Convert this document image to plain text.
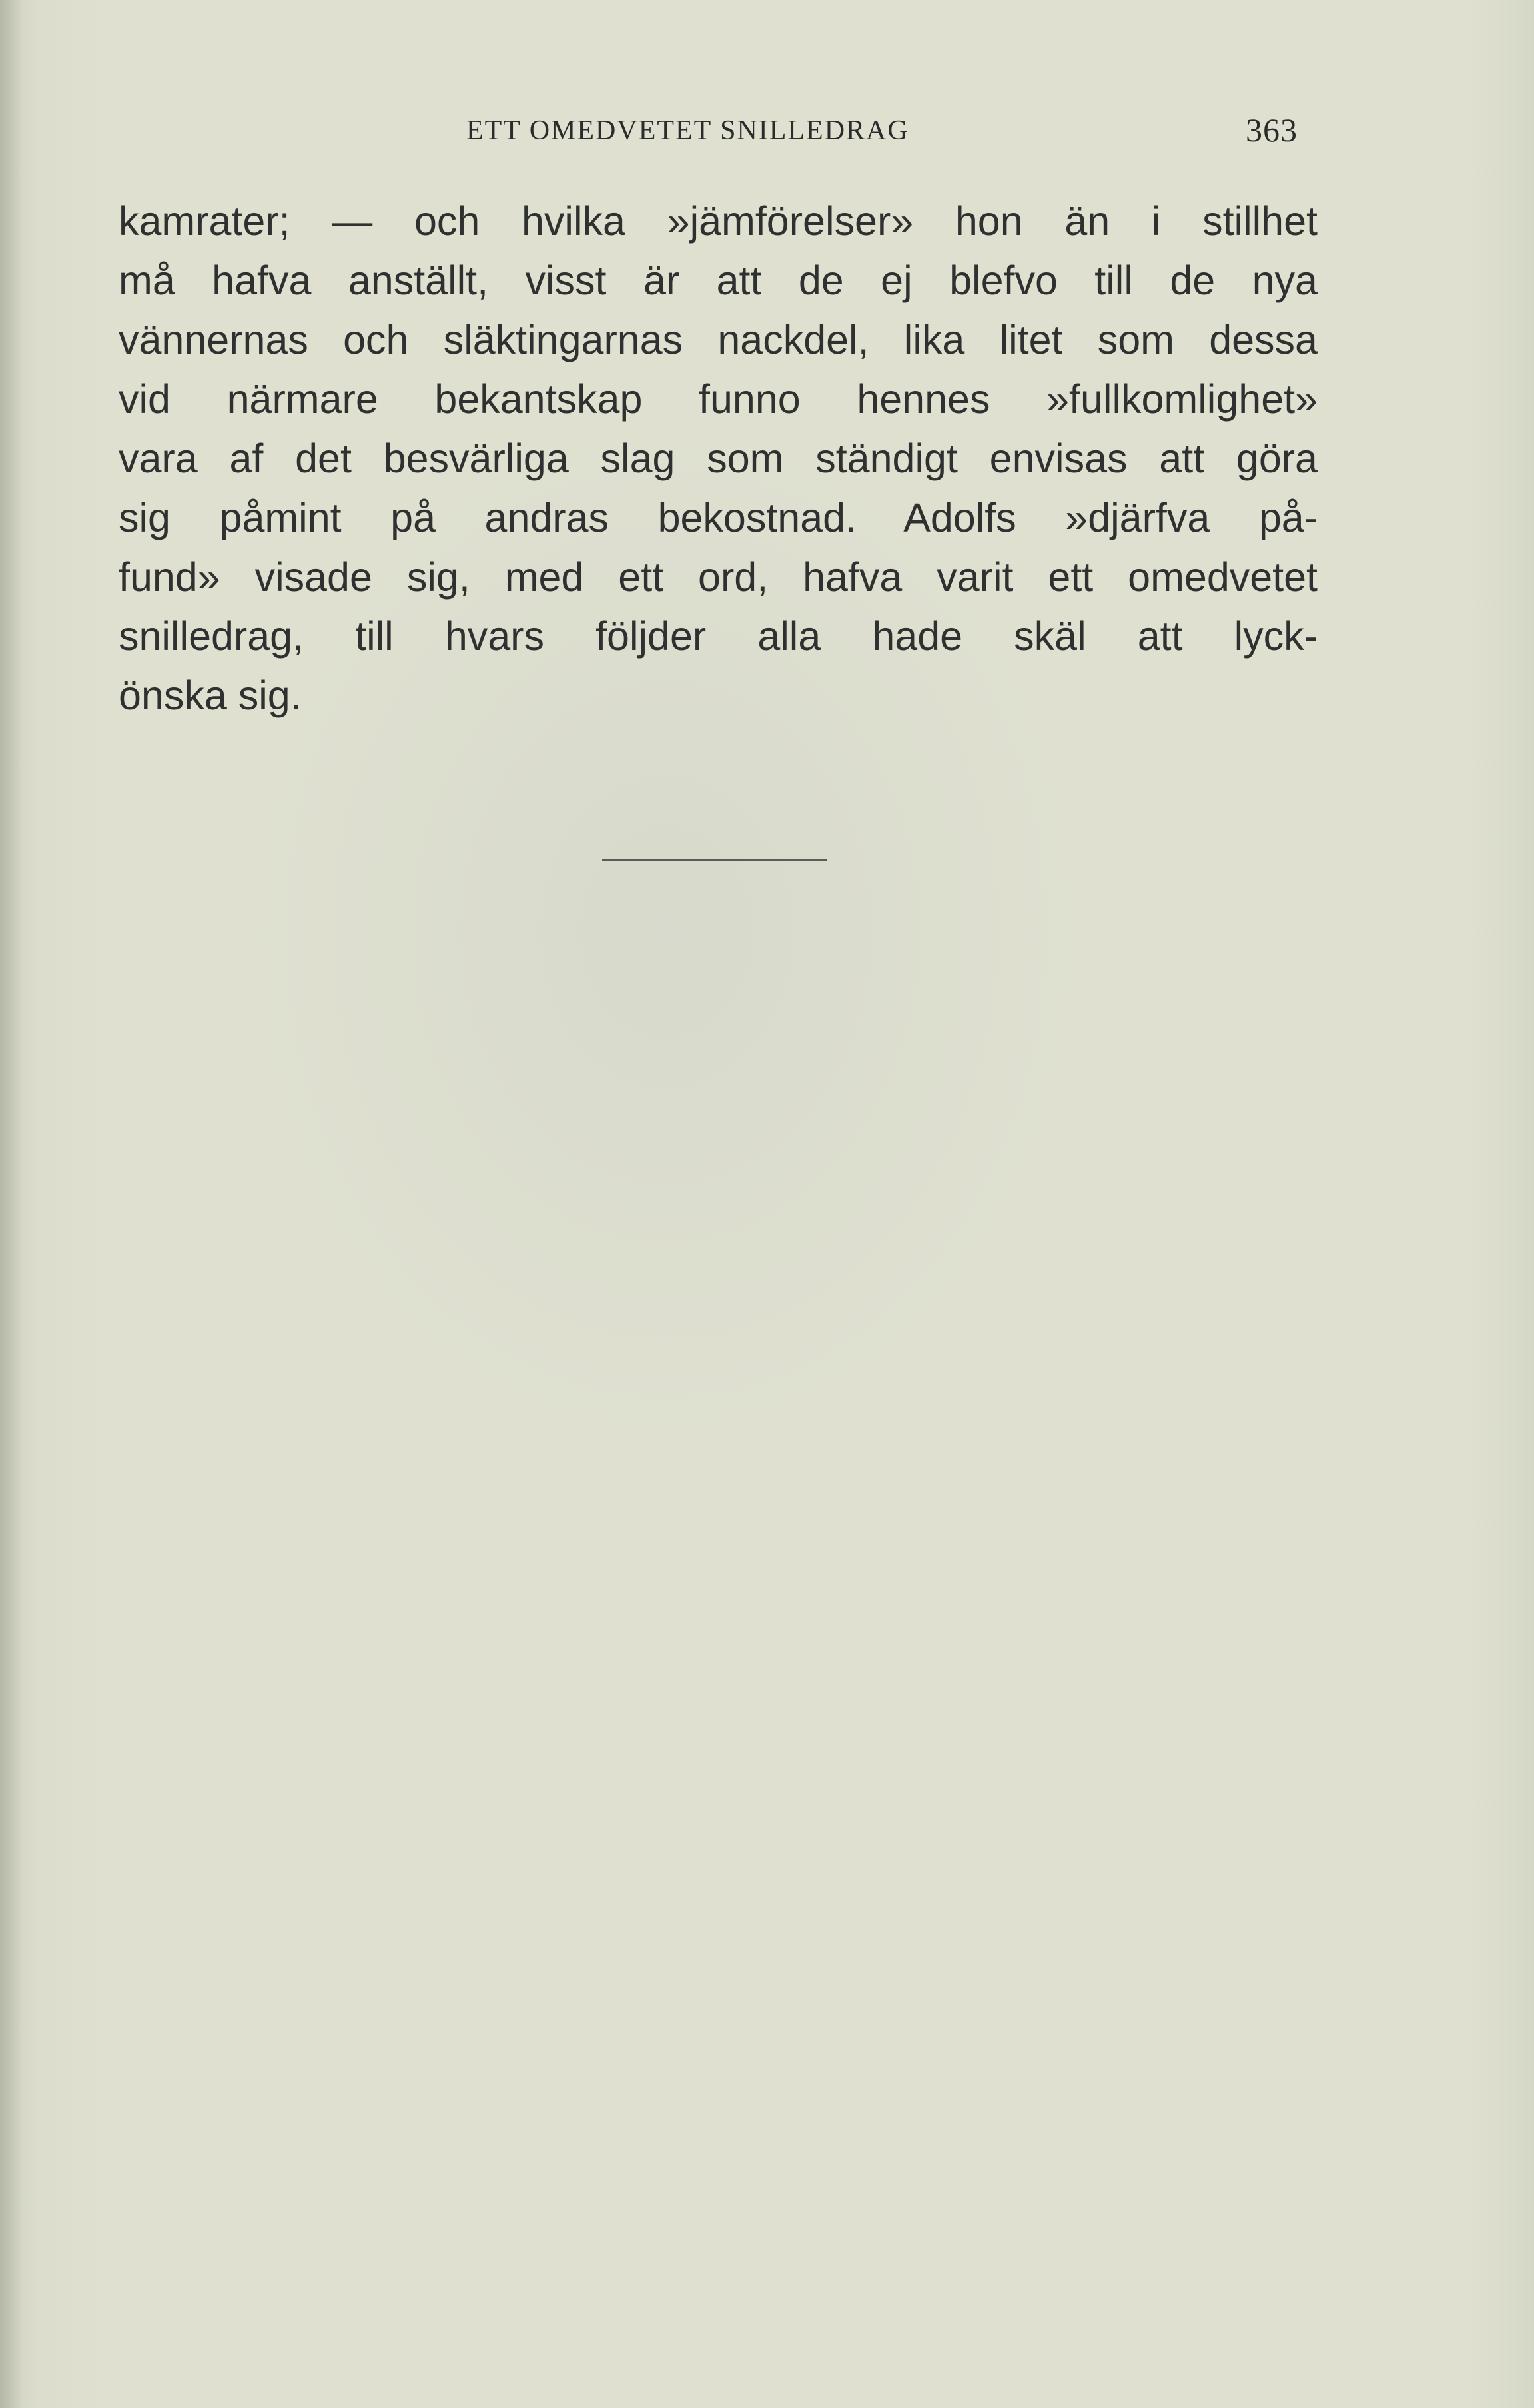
ETT OMEDVETET SNILLEDRAG	363
kamrater; — och hvilka »jämförelser» hon än i stillhet
må hafva anställt, visst är att de ej blefvo till de nya
vännernas och släktingarnas nackdel, lika litet som dessa
vid närmare bekantskap funno hennes »fullkomlighet»
vara af det besvärliga slag som ständigt envisas att göra
sig påmint på andras bekostnad. Adolfs »djärfva på-
fund» visade sig, med ett ord, hafva varit ett omedvetet
snilledrag, till hvars följder alla hade skäl att lyck-
önska sig.
